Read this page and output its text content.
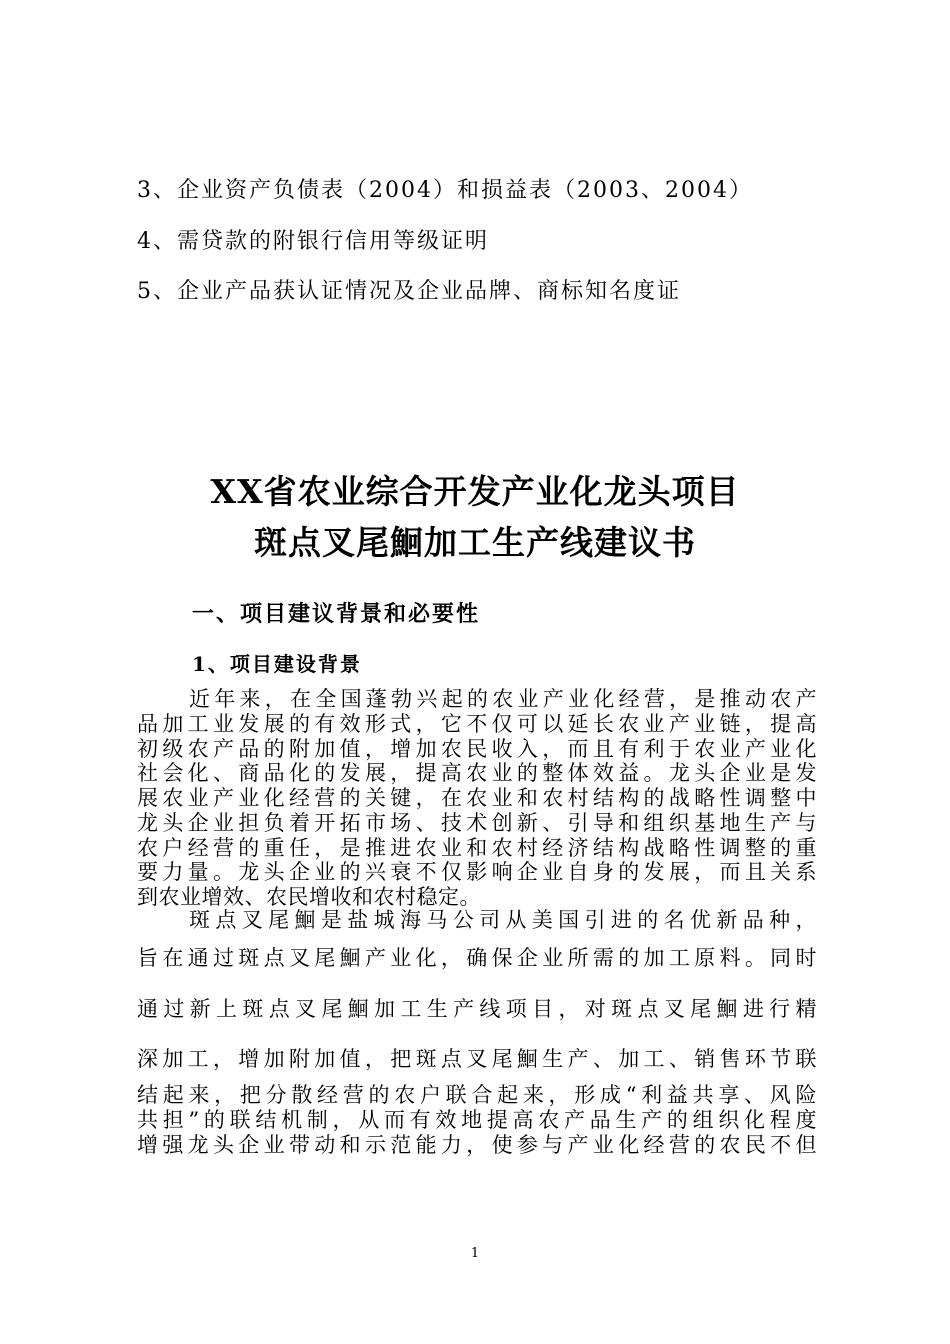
3、企业资产负债表（2004）和损益表（2003、2004）
4、需贷款的附银行信用等级证明
5、企业产品获认证情况及企业品牌、商标知名度证
XX省农业综合开发产业化龙头项目
斑点叉尾鮰加工生产线建议书
一、项目建议背景和必要性
1、项目建设背景
近年来，在全国蓬勃兴起的农业产业化经营，是推动农产
品加工业发展的有效形式，它不仅可以延长农业产业链，提高
初级农产品的附加值，增加农民收入，而且有利于农业产业化
社会化、商品化的发展，提高农业的整体效益。龙头企业是发
展农业产业化经营的关键，在农业和农村结构的战略性调整中
龙头企业担负着开拓市场、技术创新、引导和组织基地生产与
农户经营的重任，是推进农业和农村经济结构战略性调整的重
要力量。龙头企业的兴衰不仅影响企业自身的发展，而且关系
到农业增效、农民增收和农村稳定。
斑点叉尾鮰是盐城海马公司从美国引进的名优新品种，
旨在通过斑点叉尾鮰产业化，确保企业所需的加工原料。同时
通过新上斑点叉尾鮰加工生产线项目，对斑点叉尾鮰进行精
深加工，增加附加值，把斑点叉尾鮰生产、加工、销售环节联
结起来，把分散经营的农户联合起来，形成“利益共享、风险
共担”的联结机制，从而有效地提高农产品生产的组织化程度
增强龙头企业带动和示范能力，使参与产业化经营的农民不但
1
